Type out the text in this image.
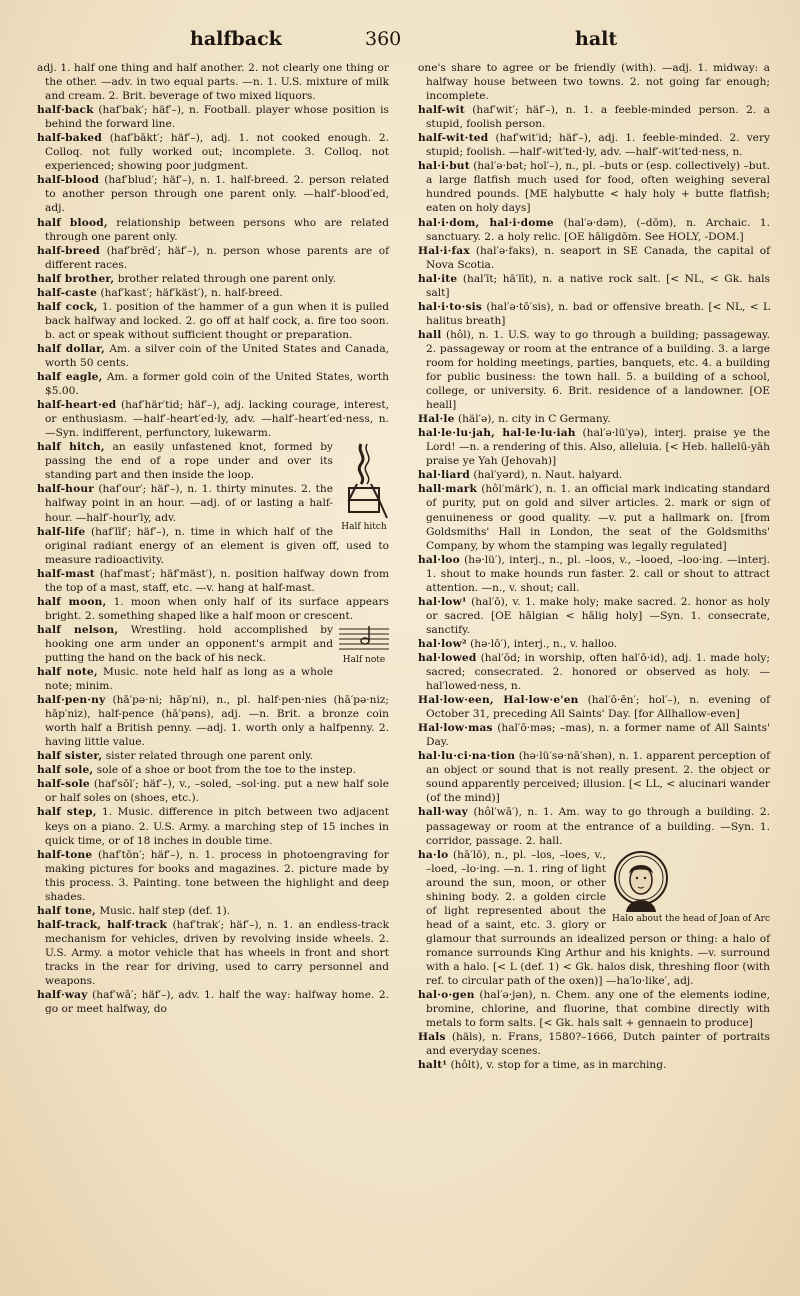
halfback	360	halt

adj. 1. half one thing and half another. 2. not clearly one thing or the other. —adv. in two equal parts. —n. 1. U.S. mixture of milk and cream. 2. Brit. beverage of two mixed liquors.

half·back (haf′bak′; häf′–), n. Football. player whose position is behind the forward line.

half-baked (haf′bākt′; häf′–), adj. 1. not cooked enough. 2. Colloq. not fully worked out; incomplete. 3. Colloq. not experienced; showing poor judgment.

half-blood (haf′blud′; häf′–), n. 1. half-breed. 2. person related to another person through one parent only. —half′-blood′ed, adj.

half blood, relationship between persons who are related through one parent only.

half-breed (haf′brēd′; häf′–), n. person whose parents are of different races.

half brother, brother related through one parent only.

half-caste (haf′kast′; häf′käst′), n. half-breed.

half cock, 1. position of the hammer of a gun when it is pulled back halfway and locked. 2. go off at half cock, a. fire too soon. b. act or speak without sufficient thought or preparation.

half dollar, Am. a silver coin of the United States and Canada, worth 50 cents.

half eagle, Am. a former gold coin of the United States, worth $5.00.

half-heart·ed (haf′här′tid; häf′–), adj. lacking courage, interest, or enthusiasm. —half′-heart′ed·ly, adv. —half′-heart′ed·ness, n. —Syn. indifferent, perfunctory, lukewarm.

Half hitch

half hitch, an easily unfastened knot, formed by passing the end of a rope under and over its standing part and then inside the loop.

half-hour (haf′our′; häf′–), n. 1. thirty minutes. 2. the halfway point in an hour. —adj. of or lasting a half-hour. —half′-hour′ly, adv.

half-life (haf′līf′; häf′–), n. time in which half of the original radiant energy of an element is given off, used to measure radioactivity.

half-mast (haf′mast′; häf′mäst′), n. position halfway down from the top of a mast, staff, etc. —v. hang at half-mast.

half moon, 1. moon when only half of its surface appears bright. 2. something shaped like a half moon or crescent.

Half note

half nelson, Wrestling. hold accomplished by hooking one arm under an opponent's armpit and putting the hand on the back of his neck.

half note, Music. note held half as long as a whole note; minim.

half·pen·ny (hā′pə·ni; hāp′ni), n., pl. half·pen·nies (hā′pə·niz; hāp′niz), half-pence (hā′pəns), adj. —n. Brit. a bronze coin worth half a British penny. —adj. 1. worth only a halfpenny. 2. having little value.

half sister, sister related through one parent only.

half sole, sole of a shoe or boot from the toe to the instep.

half-sole (haf′sōl′; häf′–), v., –soled, –sol·ing. put a new half sole or half soles on (shoes, etc.).

half step, 1. Music. difference in pitch between two adjacent keys on a piano. 2. U.S. Army. a marching step of 15 inches in quick time, or of 18 inches in double time.

half-tone (haf′tōn′; häf′–), n. 1. process in photoengraving for making pictures for books and magazines. 2. picture made by this process. 3. Painting. tone between the highlight and deep shades.

half tone, Music. half step (def. 1).

half-track, half·track (haf′trak′; häf′–), n. 1. an endless-track mechanism for vehicles, driven by revolving inside wheels. 2. U.S. Army. a motor vehicle that has wheels in front and short tracks in the rear for driving, used to carry personnel and weapons.

half·way (haf′wā′; häf′–), adv. 1. half the way: halfway home. 2. go or meet halfway, do

one's share to agree or be friendly (with). —adj. 1. midway: a halfway house between two towns. 2. not going far enough; incomplete.

half-wit (haf′wit′; häf′–), n. 1. a feeble-minded person. 2. a stupid, foolish person.

half-wit·ted (haf′wit′id; häf′–), adj. 1. feeble-minded. 2. very stupid; foolish. —half′-wit′ted·ly, adv. —half′-wit′ted·ness, n.

hal·i·but (hal′ə·bət; hol′–), n., pl. –buts or (esp. collectively) –but. a large flatfish much used for food, often weighing several hundred pounds. [ME halybutte < haly holy + butte flatfish; eaten on holy days]

hal·i·dom, hal·i·dome (hal′ə·dəm), (–dōm), n. Archaic. 1. sanctuary. 2. a holy relic. [OE hāligdōm. See HOLY, -DOM.]

Hal·i·fax (hal′ə·faks), n. seaport in SE Canada, the capital of Nova Scotia.

hal·ite (hal′īt; hā′līt), n. a native rock salt. [< NL, < Gk. hals salt]

hal·i·to·sis (hal′ə·tō′sis), n. bad or offensive breath. [< NL, < L halitus breath]

hall (hôl), n. 1. U.S. way to go through a building; passageway. 2. passageway or room at the entrance of a building. 3. a large room for holding meetings, parties, banquets, etc. 4. a building for public business: the town hall. 5. a building of a school, college, or university. 6. Brit. residence of a landowner. [OE heall]

Hal·le (häl′ə), n. city in C Germany.

hal·le·lu·jah, hal·le·lu·iah (hal′ə·lü′yə), interj. praise ye the Lord! —n. a rendering of this. Also, alleluia. [< Heb. hallelū-yāh praise ye Yah (Jehovah)]

hal·liard (hal′yərd), n. Naut. halyard.

hall·mark (hôl′märk′), n. 1. an official mark indicating standard of purity, put on gold and silver articles. 2. mark or sign of genuineness or good quality. —v. put a hallmark on. [from Goldsmiths' Hall in London, the seat of the Goldsmiths' Company, by whom the stamping was legally regulated]

hal·loo (hə·lü′), interj., n., pl. –loos, v., –looed, –loo·ing. —interj. 1. shout to make hounds run faster. 2. call or shout to attract attention. —n., v. shout; call.

hal·low¹ (hal′ō), v. 1. make holy; make sacred. 2. honor as holy or sacred. [OE hālgian < hālig holy] —Syn. 1. consecrate, sanctify.

hal·low² (hə·lō′), interj., n., v. halloo.

hal·lowed (hal′ōd; in worship, often hal′ō·id), adj. 1. made holy; sacred; consecrated. 2. honored or observed as holy. —hal′lowed·ness, n.

Hal·low·een, Hal·low·e'en (hal′ō·ēn′; hol′–), n. evening of October 31, preceding All Saints' Day. [for Allhallow-even]

Hal·low·mas (hal′ō·məs; –mas), n. a former name of All Saints' Day.

hal·lu·ci·na·tion (hə·lü′sə·nā′shən), n. 1. apparent perception of an object or sound that is not really present. 2. the object or sound apparently perceived; illusion. [< LL, < alucinari wander (of the mind)]

hall·way (hôl′wā′), n. 1. Am. way to go through a building. 2. passageway or room at the entrance of a building. —Syn. 1. corridor, passage. 2. hall.

Halo about the head of Joan of Arc

ha·lo (hā′lō), n., pl. –los, –loes, v., –loed, –lo·ing. —n. 1. ring of light around the sun, moon, or other shining body. 2. a golden circle of light represented about the head of a saint, etc. 3. glory or glamour that surrounds an idealized person or thing: a halo of romance surrounds King Arthur and his knights. —v. surround with a halo. [< L (def. 1) < Gk. halos disk, threshing floor (with ref. to circular path of the oxen)] —ha′lo·like′, adj.

hal·o·gen (hal′ə·jən), n. Chem. any one of the elements iodine, bromine, chlorine, and fluorine, that combine directly with metals to form salts. [< Gk. hals salt + gennaein to produce]

Hals (häls), n. Frans, 1580?–1666, Dutch painter of portraits and everyday scenes.

halt¹ (hôlt), v. stop for a time, as in marching.
